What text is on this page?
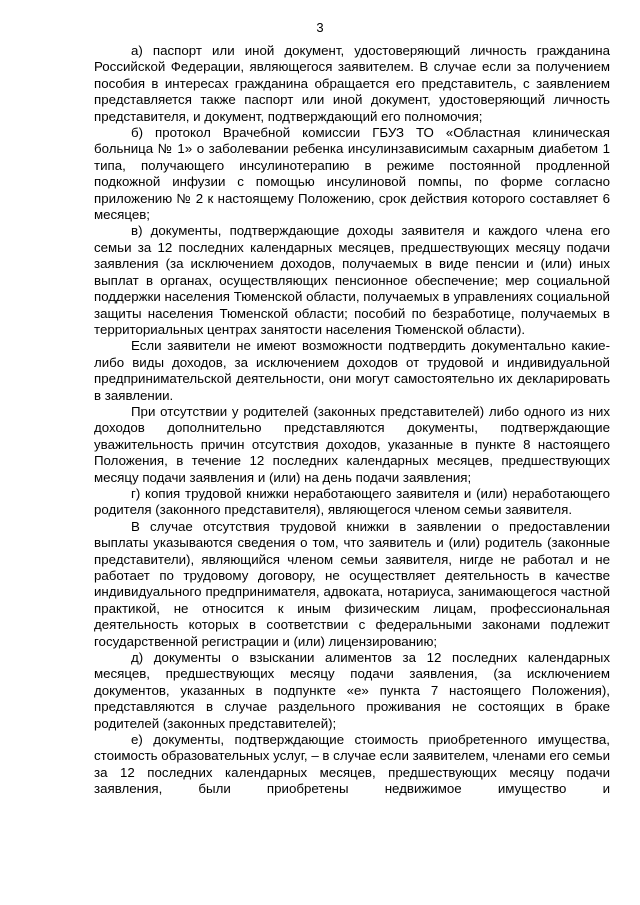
3

а) паспорт или иной документ, удостоверяющий личность гражданина Российской Федерации, являющегося заявителем. В случае если за получением пособия в интересах гражданина обращается его представитель, с заявлением представляется также паспорт или иной документ, удостоверяющий личность представителя, и документ, подтверждающий его полномочия;

б) протокол Врачебной комиссии ГБУЗ ТО «Областная клиническая больница № 1» о заболевании ребенка инсулинзависимым сахарным диабетом 1 типа, получающего инсулинотерапию в режиме постоянной продленной подкожной инфузии с помощью инсулиновой помпы, по форме согласно приложению № 2 к настоящему Положению, срок действия которого составляет 6 месяцев;

в) документы, подтверждающие доходы заявителя и каждого члена его семьи за 12 последних календарных месяцев, предшествующих месяцу подачи заявления (за исключением доходов, получаемых в виде пенсии и (или) иных выплат в органах, осуществляющих пенсионное обеспечение; мер социальной поддержки населения Тюменской области, получаемых в управлениях социальной защиты населения Тюменской области; пособий по безработице, получаемых в территориальных центрах занятости населения Тюменской области).

Если заявители не имеют возможности подтвердить документально какие-либо виды доходов, за исключением доходов от трудовой и индивидуальной предпринимательской деятельности, они могут самостоятельно их декларировать в заявлении.

При отсутствии у родителей (законных представителей) либо одного из них доходов дополнительно представляются документы, подтверждающие уважительность причин отсутствия доходов, указанные в пункте 8 настоящего Положения, в течение 12 последних календарных месяцев, предшествующих месяцу подачи заявления и (или) на день подачи заявления;

г) копия трудовой книжки неработающего заявителя и (или) неработающего родителя (законного представителя), являющегося членом семьи заявителя.

В случае отсутствия трудовой книжки в заявлении о предоставлении выплаты указываются сведения о том, что заявитель и (или) родитель (законные представители), являющийся членом семьи заявителя, нигде не работал и не работает по трудовому договору, не осуществляет деятельность в качестве индивидуального предпринимателя, адвоката, нотариуса, занимающегося частной практикой, не относится к иным физическим лицам, профессиональная деятельность которых в соответствии с федеральными законами подлежит государственной регистрации и (или) лицензированию;

д) документы о взыскании алиментов за 12 последних календарных месяцев, предшествующих месяцу подачи заявления, (за исключением документов, указанных в подпункте «е» пункта 7 настоящего Положения), представляются в случае раздельного проживания не состоящих в браке родителей (законных представителей);

е) документы, подтверждающие стоимость приобретенного имущества, стоимость образовательных услуг, – в случае если заявителем, членами его семьи за 12 последних календарных месяцев, предшествующих месяцу подачи заявления, были приобретены недвижимое имущество и
